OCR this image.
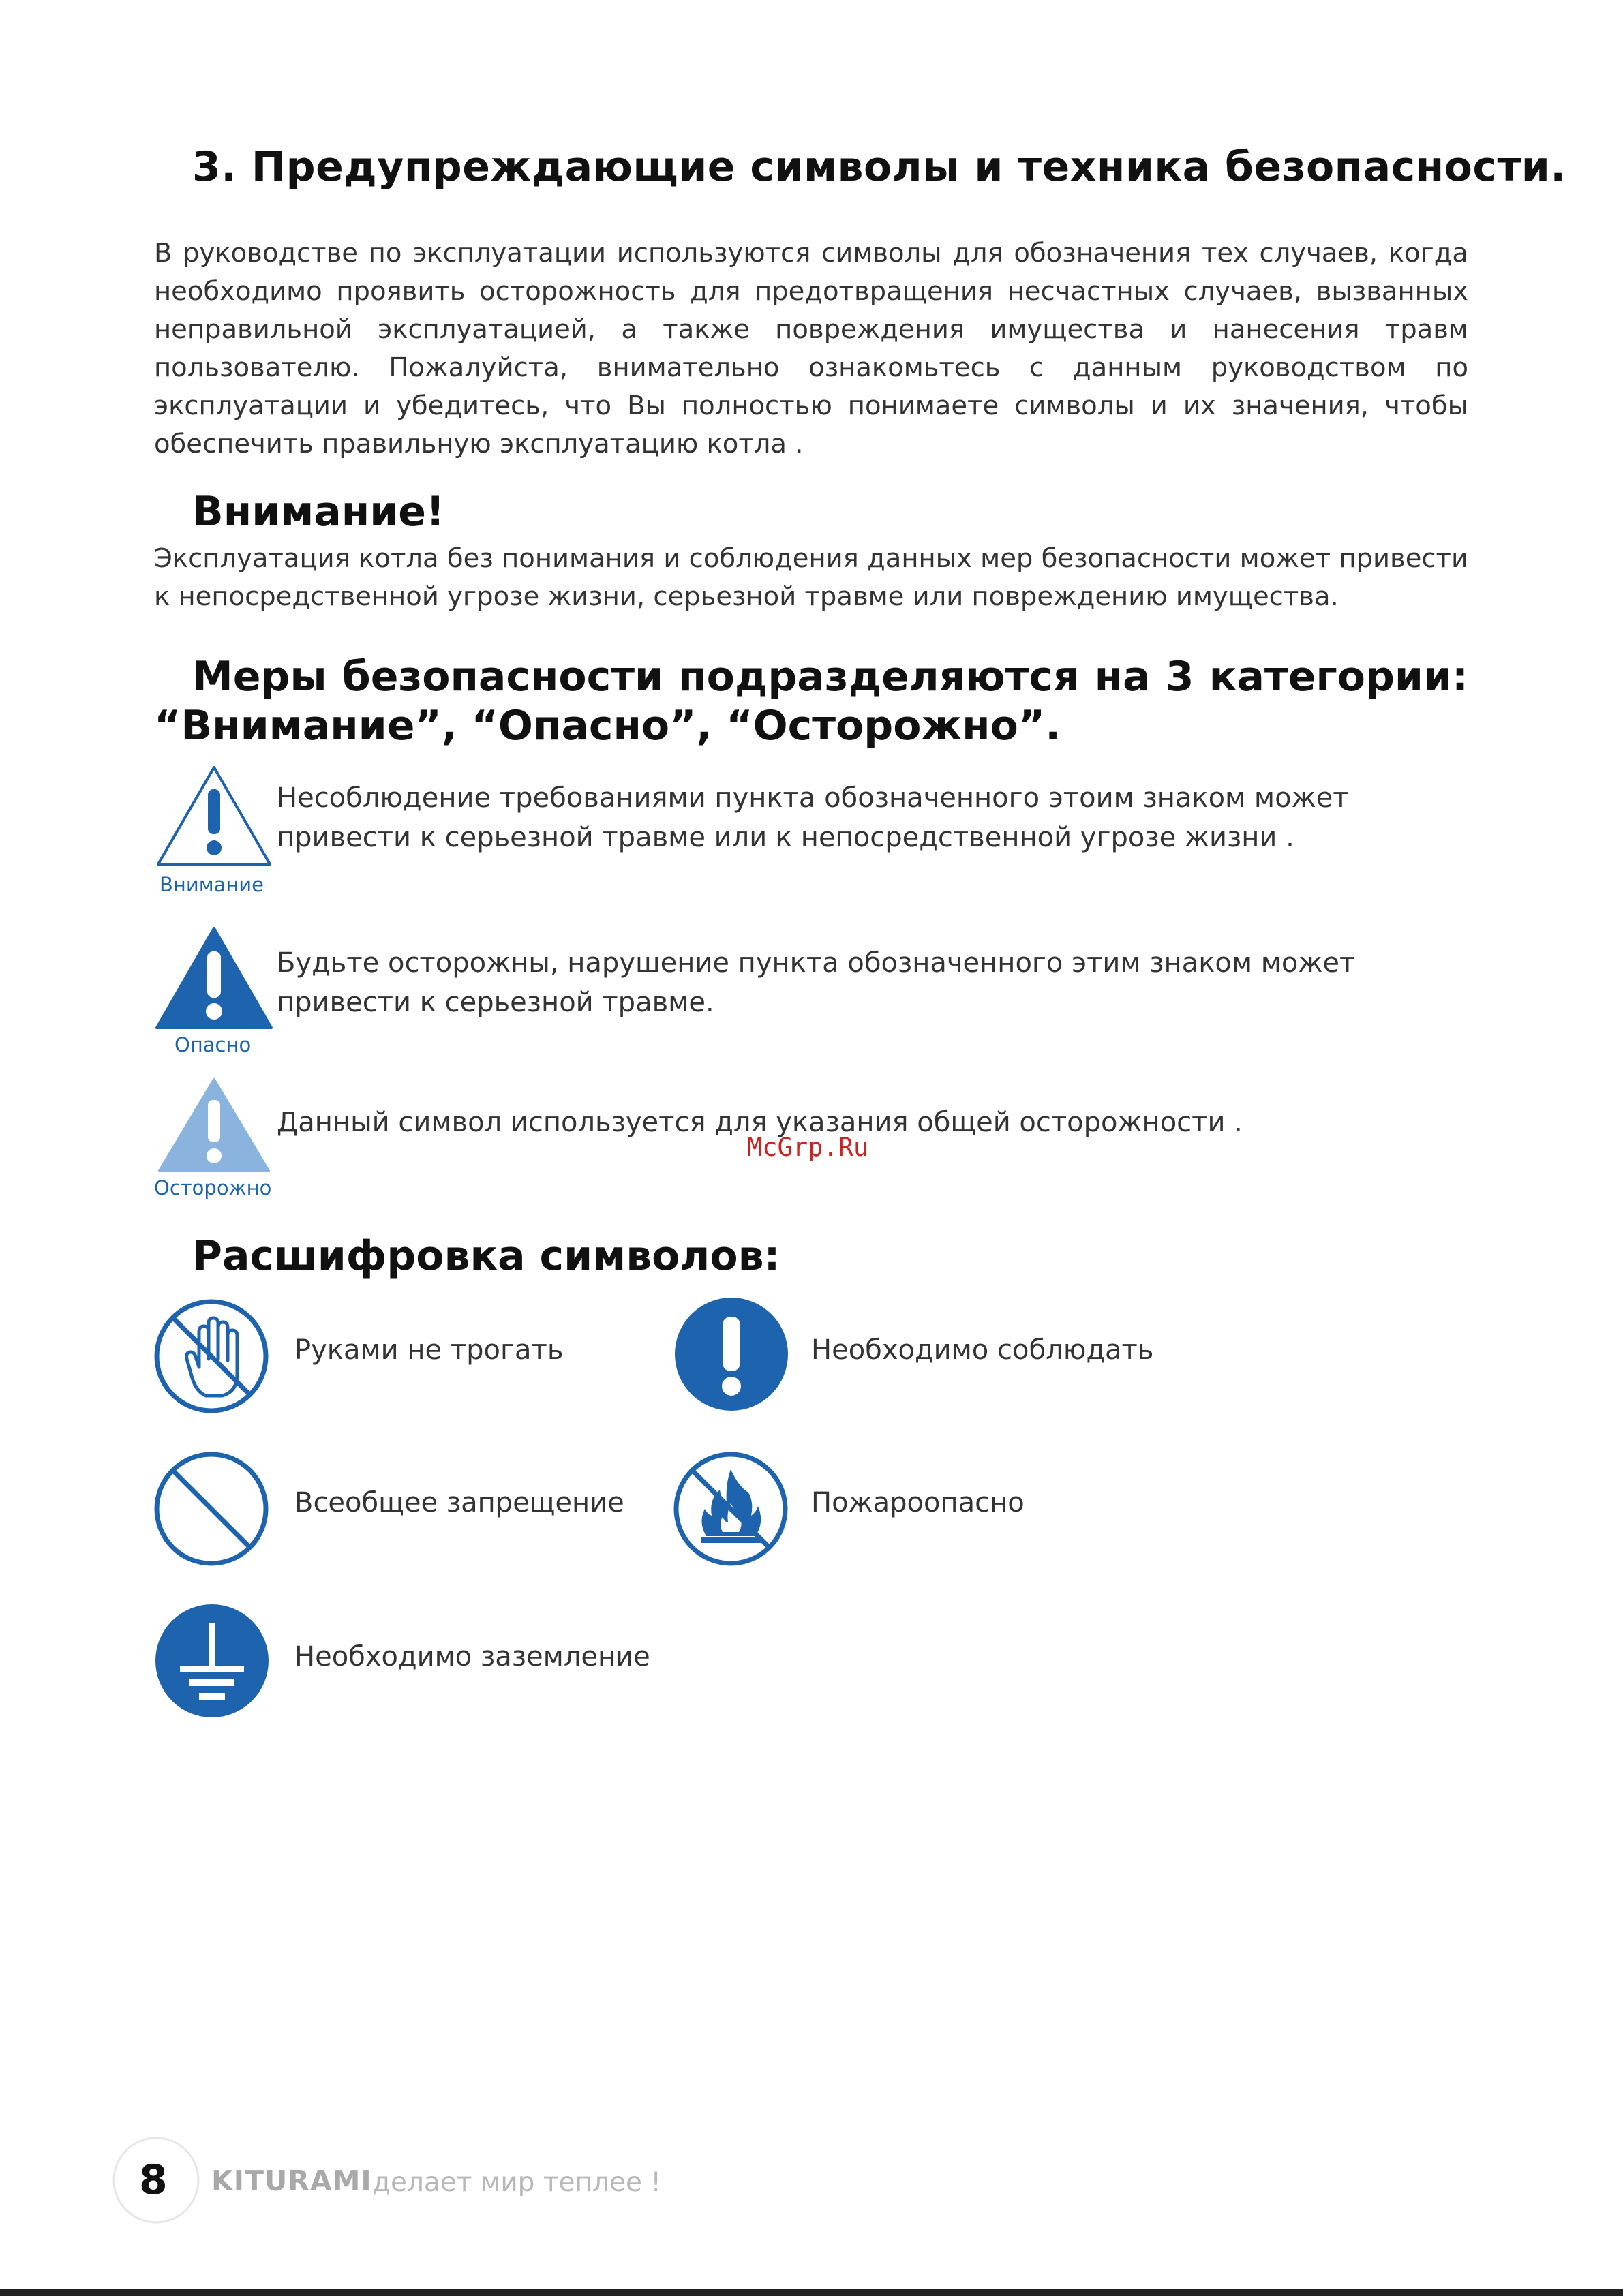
3. Предупреждающие символы и техника безопасности.
В руководстве по эксплуатации используются символы для обозначения тех случаев, когда необходимо проявить осторожность для предотвращения несчастных случаев, вызванных неправильной эксплуатацией, а также повреждения имущества и нанесения травм пользователю. Пожалуйста, внимательно ознакомьтесь с данным руководством по эксплуатации и убедитесь, что Вы полностью понимаете символы и их значения, чтобы обеспечить правильную эксплуатацию котла .
Внимание!
Эксплуатация котла без понимания и соблюдения данных мер безопасности может привести к непосредственной угрозе жизни, серьезной травме или повреждению имущества.
Меры безопасности подразделяются на 3 категории:
“Внимание”, “Опасно”, “Осторожно”.
Внимание
Несоблюдение требованиями пункта обозначенного этоим знаком может привести к серьезной травме или к непосредственной угрозе жизни .
Опасно
Будьте осторожны, нарушение пункта обозначенного этим знаком может привести к серьезной травме.
Осторожно
Данный символ используется для указания общей осторожности .
McGrp.Ru
Расшифровка символов:
Руками не трогать	Необходимо соблюдать
Всеобщее запрещение	Пожароопасно
Необходимо заземление
8 KITURAMI делает мир теплее !
